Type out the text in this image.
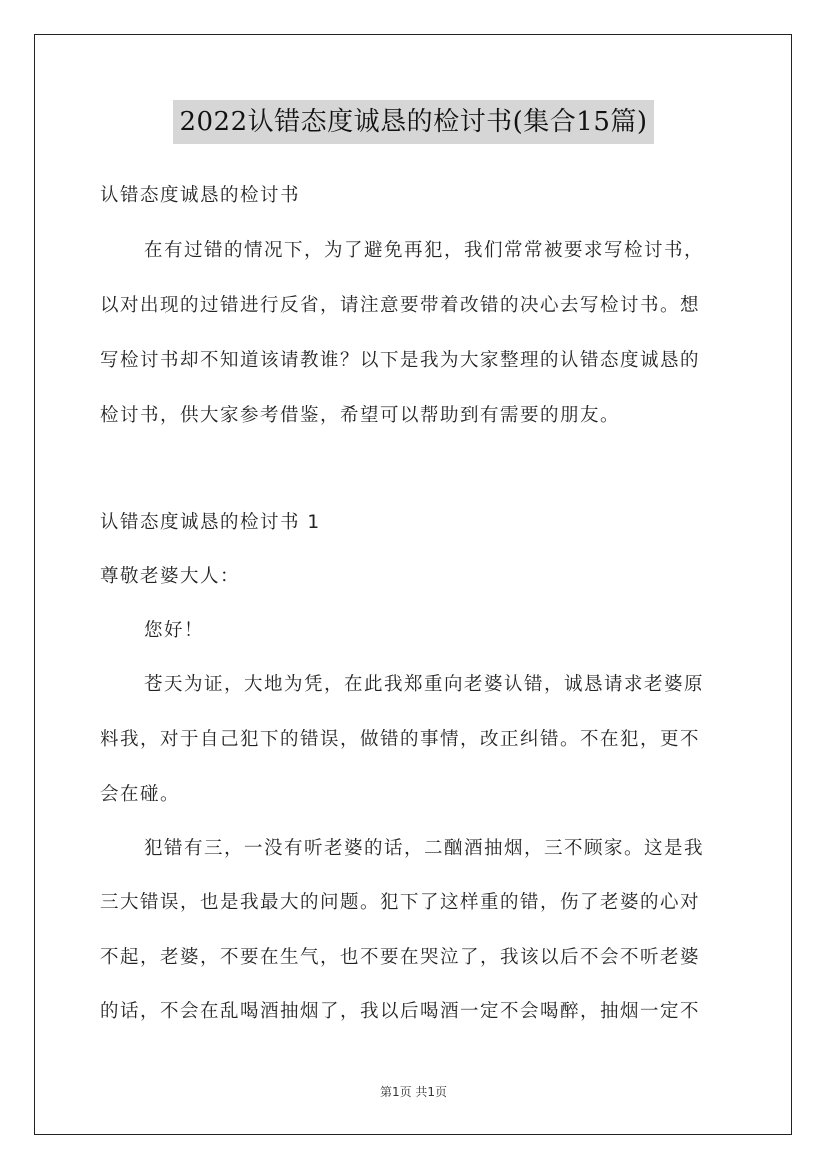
2022认错态度诚恳的检讨书(集合15篇)
认错态度诚恳的检讨书
在有过错的情况下，为了避免再犯，我们常常被要求写检讨书，
以对出现的过错进行反省，请注意要带着改错的决心去写检讨书。想
写检讨书却不知道该请教谁？以下是我为大家整理的认错态度诚恳的
检讨书，供大家参考借鉴，希望可以帮助到有需要的朋友。
认错态度诚恳的检讨书 1
尊敬老婆大人：
您好！
苍天为证，大地为凭，在此我郑重向老婆认错，诚恳请求老婆原
料我，对于自己犯下的错误，做错的事情，改正纠错。不在犯，更不
会在碰。
犯错有三，一没有听老婆的话，二酗酒抽烟，三不顾家。这是我
三大错误，也是我最大的问题。犯下了这样重的错，伤了老婆的心对
不起，老婆，不要在生气，也不要在哭泣了，我该以后不会不听老婆
的话，不会在乱喝酒抽烟了，我以后喝酒一定不会喝醉，抽烟一定不
第1页 共1页
